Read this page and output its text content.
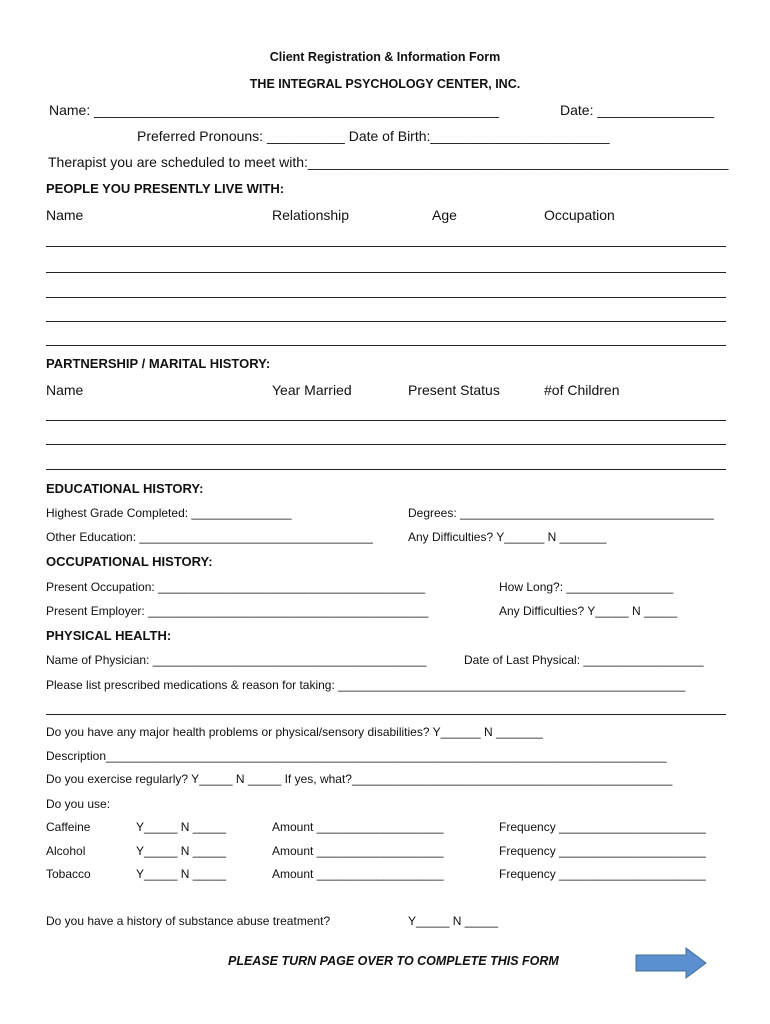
Client Registration & Information Form
THE INTEGRAL PSYCHOLOGY CENTER, INC.
Name: ____________________________________________________	Date: _______________
Preferred Pronouns: __________ Date of Birth:_______________________
Therapist you are scheduled to meet with:______________________________________________________
PEOPLE YOU PRESENTLY LIVE WITH:
Name	Relationship	Age	Occupation
PARTNERSHIP / MARITAL HISTORY:
Name	Year Married	Present Status	#of Children
EDUCATIONAL HISTORY:
Highest Grade Completed: _______________	Degrees: ______________________________________
Other Education: ___________________________________	Any Difficulties? Y______ N _______
OCCUPATIONAL HISTORY:
Present Occupation: ________________________________________	How Long?: ________________
Present Employer: __________________________________________	Any Difficulties? Y_____ N _____
PHYSICAL HEALTH:
Name of Physician: _________________________________________	Date of Last Physical: __________________
Please list prescribed medications & reason for taking: ____________________________________________________
Do you have any major health problems or physical/sensory disabilities? Y______ N _______
Description____________________________________________________________________________________
Do you exercise regularly? Y_____ N _____ If yes, what?________________________________________________
Do you use:
Caffeine	Y_____ N _____	Amount ___________________	Frequency ______________________
Alcohol	Y_____ N _____	Amount ___________________	Frequency ______________________
Tobacco	Y_____ N _____	Amount ___________________	Frequency ______________________
Do you have a history of substance abuse treatment?	Y_____ N _____
PLEASE TURN PAGE OVER TO COMPLETE THIS FORM
